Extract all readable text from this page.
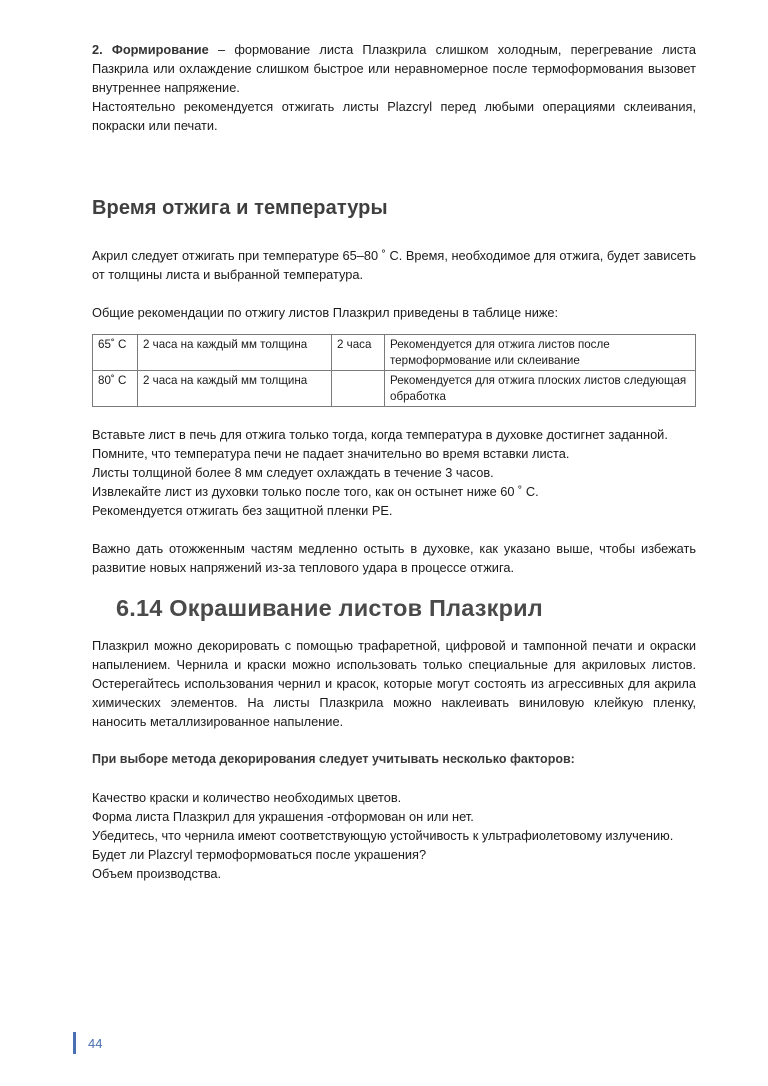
2. Формирование – формование листа Плазкрила слишком холодным, перегревание листа Пазкрила или охлаждение слишком быстрое или неравномерное после термоформования вызовет внутреннее напряжение.

Настоятельно рекомендуется отжигать листы Plazcryl перед любыми операциями склеивания, покраски или печати.

Время отжига и температуры

Акрил следует отжигать при температуре 65–80 ˚ C. Время, необходимое для отжига, будет зависеть от толщины листа и выбранной температура.

Общие рекомендации по отжигу листов Плазкрил приведены в таблице ниже:

65˚ C	2 часа на каждый мм толщина	2 часа	Рекомендуется для отжига листов после термоформование или склеивание
80˚ C	2 часа на каждый мм толщина		Рекомендуется для отжига плоских листов следующая обработка

Вставьте лист в печь для отжига только тогда, когда температура в духовке достигнет заданной.

Помните, что температура печи не падает значительно во время вставки листа.

Листы толщиной более 8 мм следует охлаждать в течение 3 часов.

Извлекайте лист из духовки только после того, как он остынет ниже 60 ˚ C.

Рекомендуется отжигать без защитной пленки PE.

Важно дать отожженным частям медленно остыть в духовке, как указано выше, чтобы избежать развитие новых напряжений из-за теплового удара в процессе отжига.

6.14 Окрашивание листов Плазкрил

Плазкрил можно декорировать с помощью трафаретной, цифровой и тампонной печати и окраски напылением. Чернила и краски можно использовать только специальные для акриловых листов. Остерегайтесь использования чернил и красок, которые могут состоять из агрессивных для акрила химических элементов. На листы Плазкрила можно наклеивать виниловую клейкую пленку, наносить металлизированное напыление.

При выборе метода декорирования следует учитывать несколько факторов:

Качество краски и количество необходимых цветов.

Форма листа Плазкрил для украшения -отформован он или нет.

Убедитесь, что чернила имеют соответствующую устойчивость к ультрафиолетовому излучению.

Будет ли Plazcryl термоформоваться после украшения?

Объем производства.

44
